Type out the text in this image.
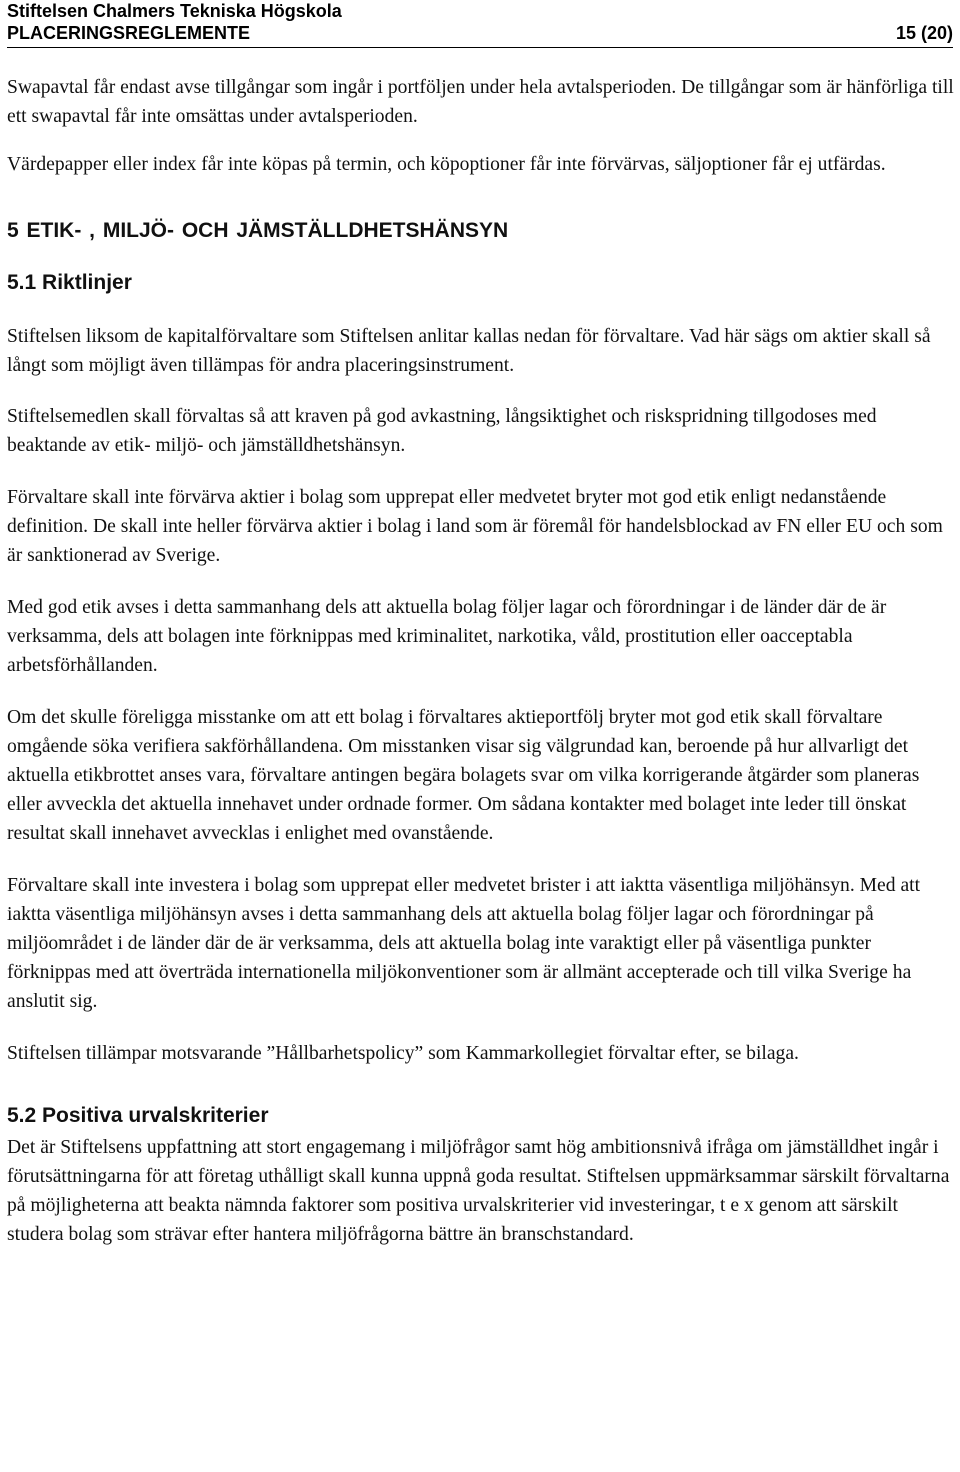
Stiftelsen Chalmers Tekniska Högskola
PLACERINGSREGLEMENTE	15 (20)

Swapavtal får endast avse tillgångar som ingår i portföljen under hela avtalsperioden. De tillgångar som är hänförliga till ett swapavtal får inte omsättas under avtalsperioden.

Värdepapper eller index får inte köpas på termin, och köpoptioner får inte förvärvas, säljoptioner får ej utfärdas.

5 ETIK- , MILJÖ- OCH JÄMSTÄLLDHETSHÄNSYN
5.1 Riktlinjer

Stiftelsen liksom de kapitalförvaltare som Stiftelsen anlitar kallas nedan för förvaltare. Vad här sägs om aktier skall så långt som möjligt även tillämpas för andra placeringsinstrument.

Stiftelsemedlen skall förvaltas så att kraven på god avkastning, långsiktighet och riskspridning tillgodoses med beaktande av etik- miljö- och jämställdhetshänsyn.

Förvaltare skall inte förvärva aktier i bolag som upprepat eller medvetet bryter mot god etik enligt nedanstående definition. De skall inte heller förvärva aktier i bolag i land som är föremål för handelsblockad av FN eller EU och som är sanktionerad av Sverige.

Med god etik avses i detta sammanhang dels att aktuella bolag följer lagar och förordningar i de länder där de är verksamma, dels att bolagen inte förknippas med kriminalitet, narkotika, våld, prostitution eller oacceptabla arbetsförhållanden.

Om det skulle föreligga misstanke om att ett bolag i förvaltares aktieportfölj bryter mot god etik skall förvaltare omgående söka verifiera sakförhållandena. Om misstanken visar sig välgrundad kan, beroende på hur allvarligt det aktuella etikbrottet anses vara, förvaltare antingen begära bolagets svar om vilka korrigerande åtgärder som planeras eller avveckla det aktuella innehavet under ordnade former. Om sådana kontakter med bolaget inte leder till önskat resultat skall innehavet avvecklas i enlighet med ovanstående.

Förvaltare skall inte investera i bolag som upprepat eller medvetet brister i att iaktta väsentliga miljöhänsyn. Med att iaktta väsentliga miljöhänsyn avses i detta sammanhang dels att aktuella bolag följer lagar och förordningar på miljöområdet i de länder där de är verksamma, dels att aktuella bolag inte varaktigt eller på väsentliga punkter förknippas med att överträda internationella miljökonventioner som är allmänt accepterade och till vilka Sverige ha anslutit sig.

Stiftelsen tillämpar motsvarande ”Hållbarhetspolicy” som Kammarkollegiet förvaltar efter, se bilaga.

5.2 Positiva urvalskriterier

Det är Stiftelsens uppfattning att stort engagemang i miljöfrågor samt hög ambitionsnivå ifråga om jämställdhet ingår i förutsättningarna för att företag uthålligt skall kunna uppnå goda resultat. Stiftelsen uppmärksammar särskilt förvaltarna på möjligheterna att beakta nämnda faktorer som positiva urvalskriterier vid investeringar, t e x genom att särskilt studera bolag som strävar efter hantera miljöfrågorna bättre än branschstandard.
